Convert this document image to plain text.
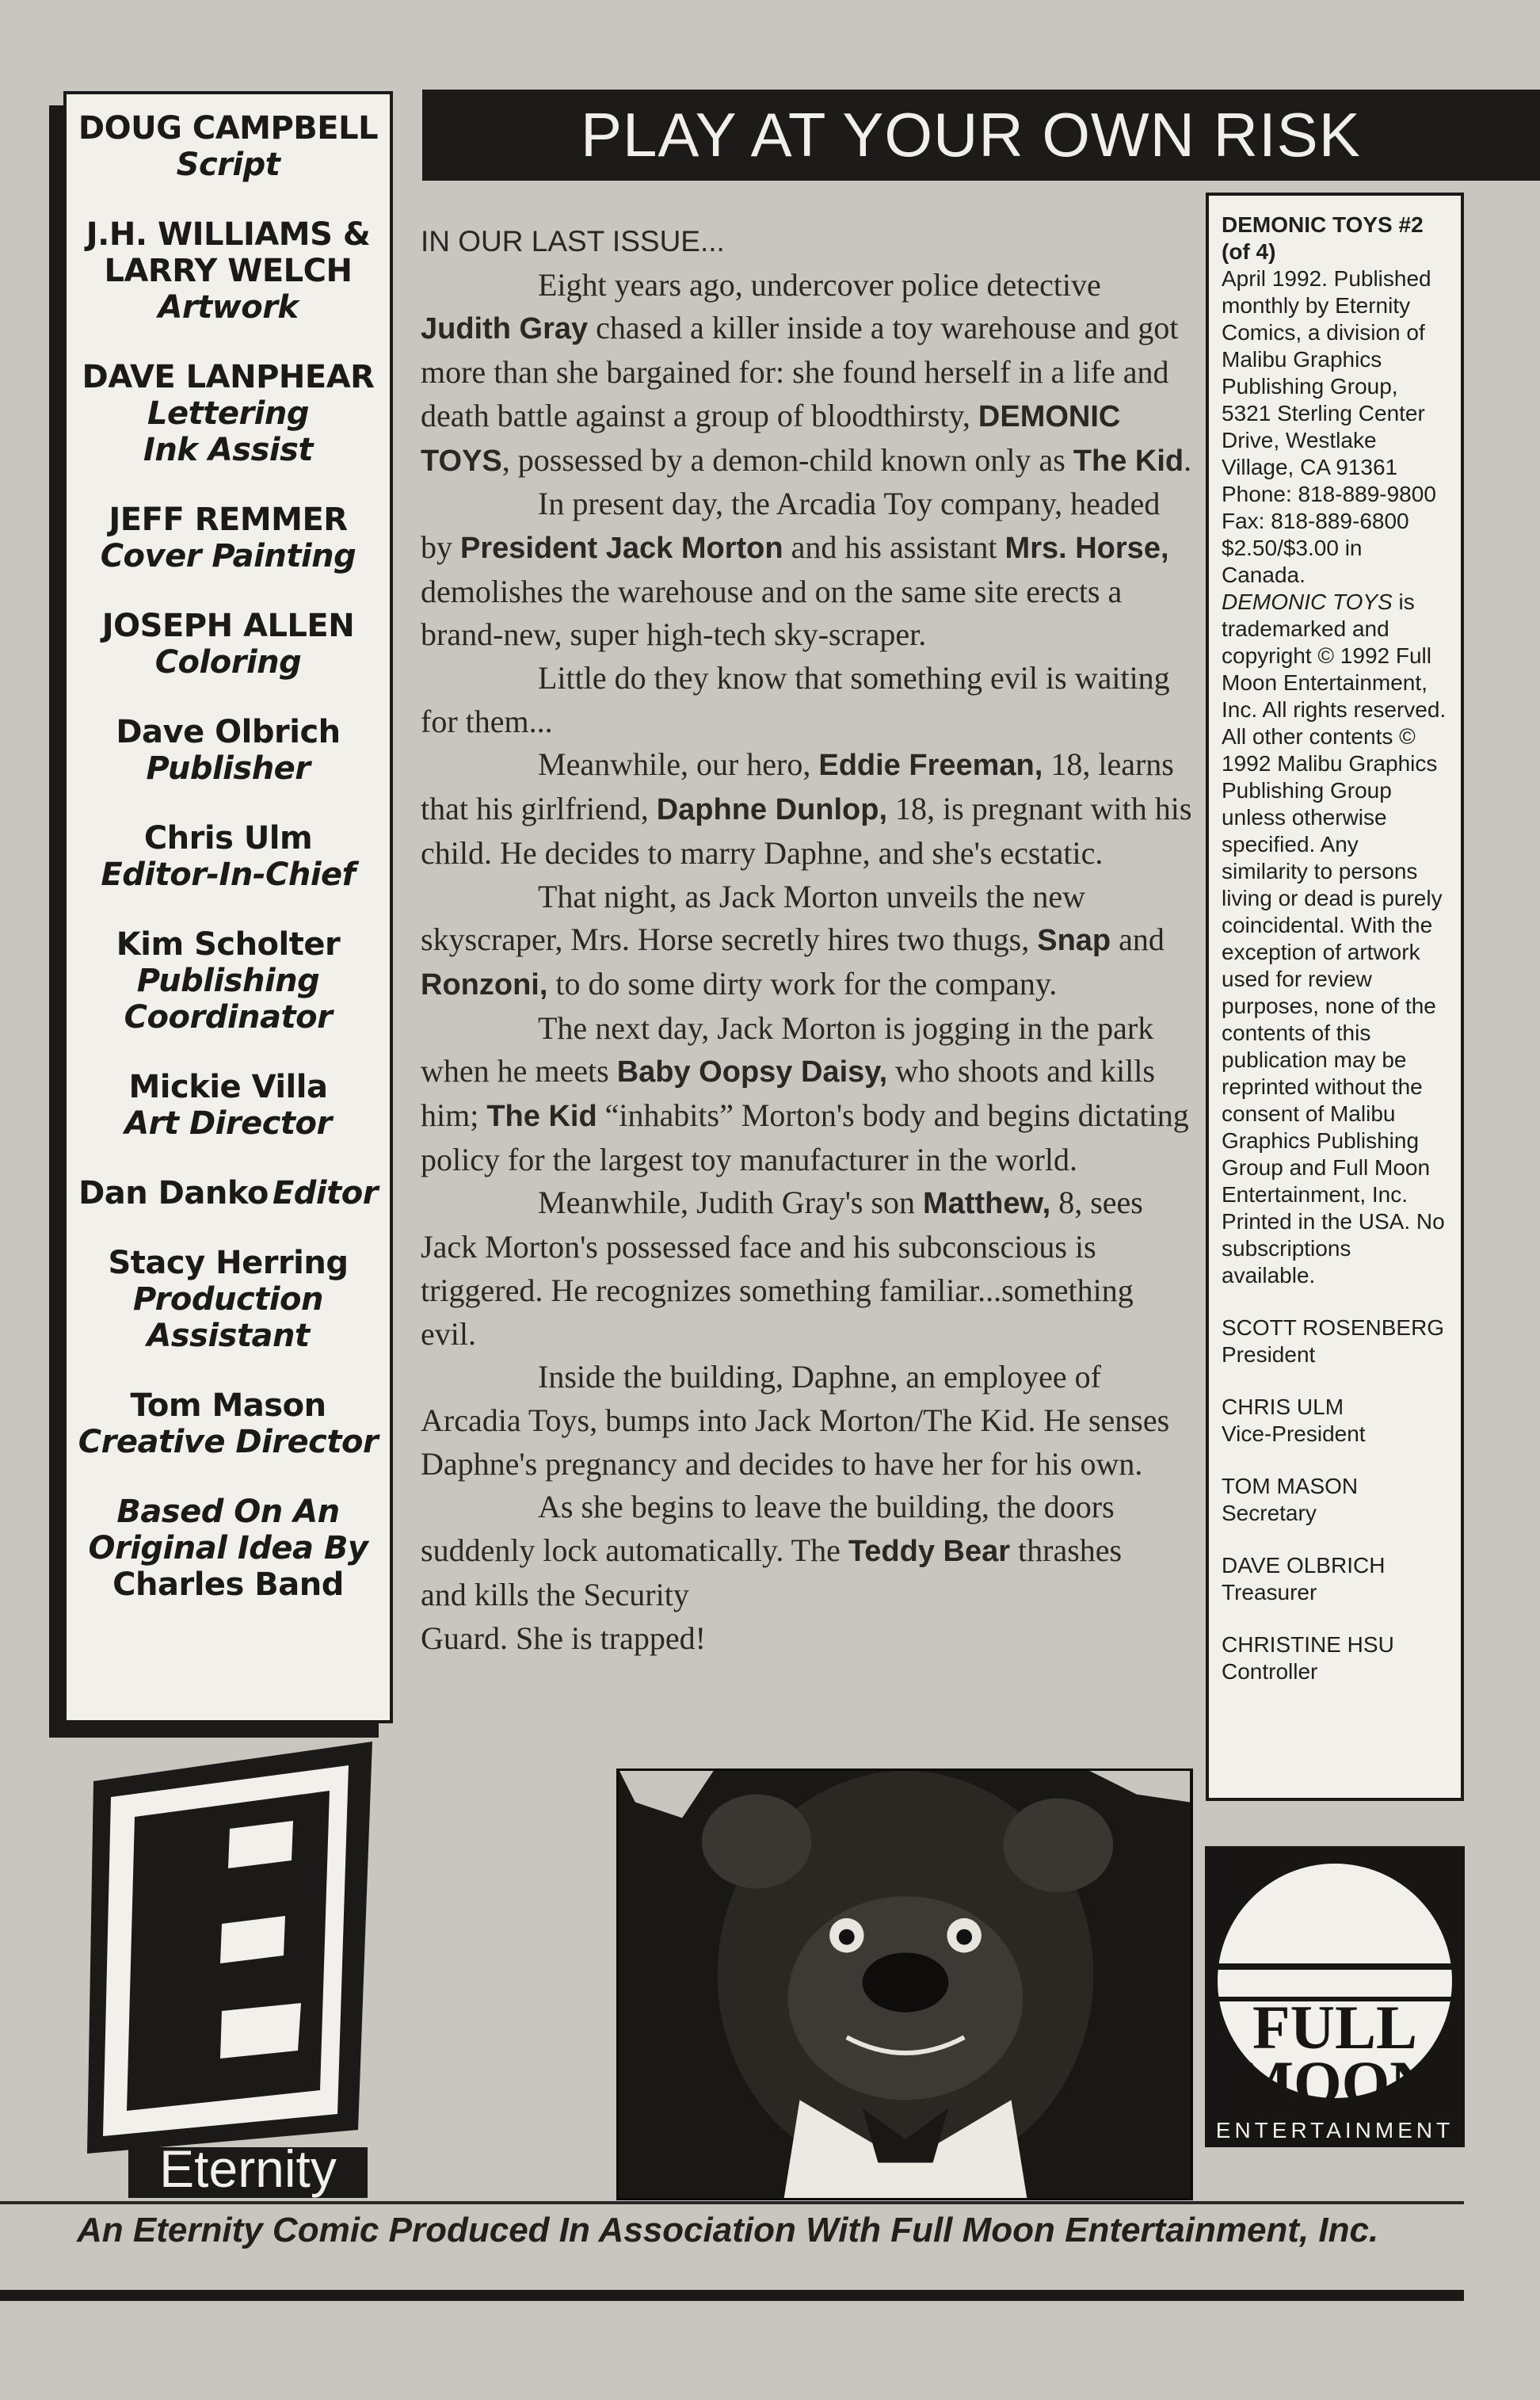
DOUG CAMPBELL
Script
J.H. WILLIAMS &
LARRY WELCH
Artwork
DAVE LANPHEAR
Lettering
Ink Assist
JEFF REMMER
Cover Painting
JOSEPH ALLEN
Coloring
Dave Olbrich
Publisher
Chris Ulm
Editor-In-Chief
Kim Scholter
Publishing
Coordinator
Mickie Villa
Art Director
Dan Danko Editor
Stacy Herring
Production
Assistant
Tom Mason
Creative Director
Based On An
Original Idea By
Charles Band
PLAY AT YOUR OWN RISK
IN OUR LAST ISSUE...

Eight years ago, undercover police detective Judith Gray chased a killer inside a toy warehouse and got more than she bargained for: she found herself in a life and death battle against a group of bloodthirsty, DEMONIC TOYS, possessed by a demon-child known only as The Kid.

In present day, the Arcadia Toy company, headed by President Jack Morton and his assistant Mrs. Horse, demolishes the warehouse and on the same site erects a brand-new, super high-tech sky-scraper.

Little do they know that something evil is waiting for them...

Meanwhile, our hero, Eddie Freeman, 18, learns that his girlfriend, Daphne Dunlop, 18, is pregnant with his child. He decides to marry Daphne, and she's ecstatic.

That night, as Jack Morton unveils the new skyscraper, Mrs. Horse secretly hires two thugs, Snap and Ronzoni, to do some dirty work for the company.

The next day, Jack Morton is jogging in the park when he meets Baby Oopsy Daisy, who shoots and kills him; The Kid “inhabits” Morton's body and begins dictating policy for the largest toy manufacturer in the world.

Meanwhile, Judith Gray's son Matthew, 8, sees Jack Morton's possessed face and his subconscious is triggered. He recognizes something familiar...something evil.

Inside the building, Daphne, an employee of Arcadia Toys, bumps into Jack Morton/The Kid. He senses Daphne's pregnancy and decides to have her for his own.

As she begins to leave the building, the doors suddenly lock automatically. The Teddy Bear thrashes

and kills the Security Guard. She is trapped!
DEMONIC TOYS #2 (of 4)
April 1992. Published monthly by Eternity Comics, a division of Malibu Graphics Publishing Group, 5321 Sterling Center Drive, Westlake Village, CA 91361
Phone: 818-889-9800
Fax: 818-889-6800
$2.50/$3.00 in Canada.
DEMONIC TOYS is trademarked and copyright © 1992 Full Moon Entertainment, Inc. All rights reserved. All other contents © 1992 Malibu Graphics Publishing Group unless otherwise specified. Any similarity to persons living or dead is purely coincidental. With the exception of artwork used for review purposes, none of the contents of this publication may be reprinted without the consent of Malibu Graphics Publishing Group and Full Moon Entertainment, Inc. Printed in the USA. No subscriptions available.
SCOTT ROSENBERG
President
CHRIS ULM
Vice-President
TOM MASON
Secretary
DAVE OLBRICH
Treasurer
CHRISTINE HSU
Controller
Eternity
FULL
MOON
ENTERTAINMENT
An Eternity Comic Produced In Association With Full Moon Entertainment, Inc.
